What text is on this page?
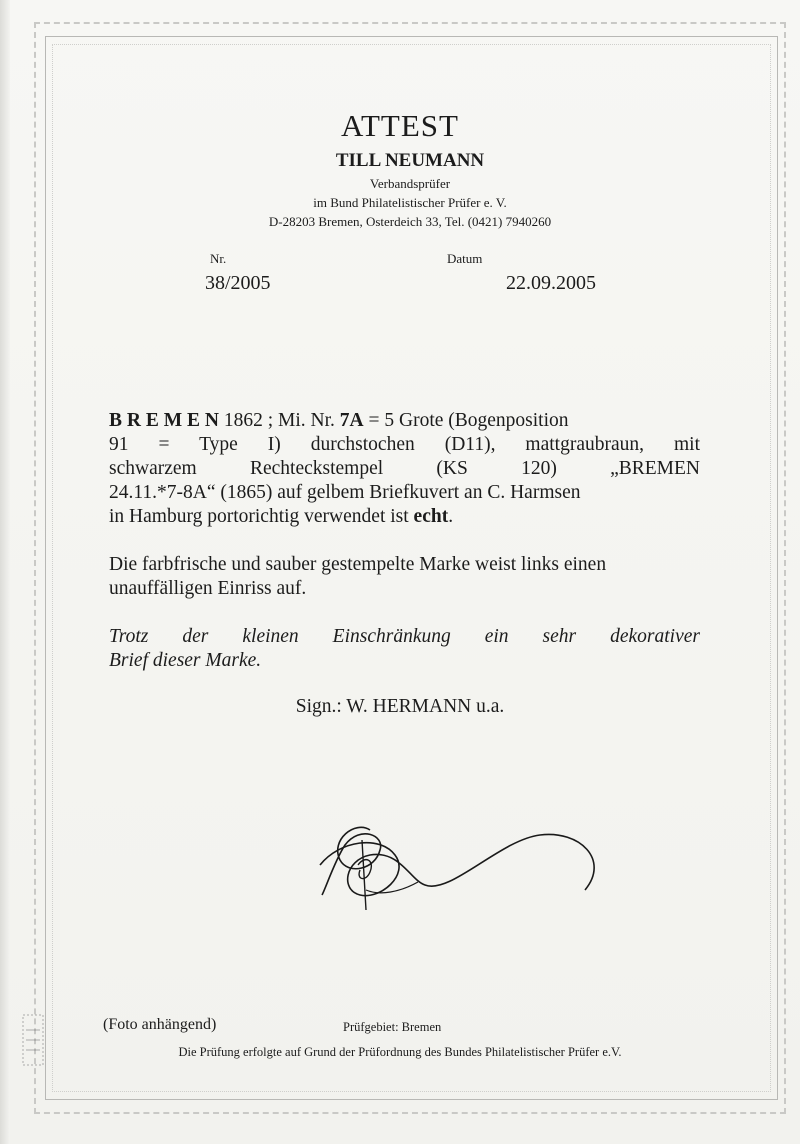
ATTEST
TILL NEUMANN
Verbandsprüfer
im Bund Philatelistischer Prüfer e. V.
D-28203 Bremen, Osterdeich 33, Tel. (0421) 7940260
Nr.	Datum
38/2005	22.09.2005
B R E M E N 1862 ; Mi. Nr. 7A = 5 Grote (Bogenposition
91 = Type I) durchstochen (D11), mattgraubraun, mit
schwarzem Rechteckstempel (KS 120) „BREMEN
24.11.*7-8A“ (1865) auf gelbem Briefkuvert an C. Harmsen
in Hamburg portorichtig verwendet ist echt.
Die farbfrische und sauber gestempelte Marke weist links einen
unauffälligen Einriss auf.
Trotz der kleinen Einschränkung ein sehr dekorativer
Brief dieser Marke.
Sign.: W. HERMANN u.a.
(Foto anhängend)	Prüfgebiet: Bremen
Die Prüfung erfolgte auf Grund der Prüfordnung des Bundes Philatelistischer Prüfer e.V.
